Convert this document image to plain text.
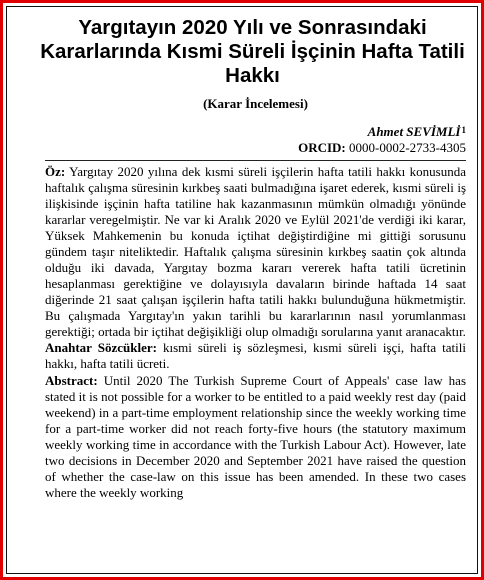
Yargıtayın 2020 Yılı ve Sonrasındaki Kararlarında Kısmi Süreli İşçinin Hafta Tatili Hakkı
(Karar İncelemesi)
Ahmet SEVİMLİ$^1$
ORCID: 0000-0002-2733-4305

Öz: Yargıtay 2020 yılına dek kısmi süreli işçilerin hafta tatili hakkı konusunda haftalık çalışma süresinin kırkbeş saati bulmadığına işaret ederek, kısmi süreli iş ilişkisinde işçinin hafta tatiline hak kazanmasının mümkün olmadığı yönünde kararlar veregelmiştir. Ne var ki Aralık 2020 ve Eylül 2021'de verdiği iki karar, Yüksek Mahkemenin bu konuda içtihat değiştirdiğine mi gittiği sorusunu gündem taşır niteliktedir. Haftalık çalışma süresinin kırkbeş saatin çok altında olduğu iki davada, Yargıtay bozma kararı vererek hafta tatili ücretinin hesaplanması gerektiğine ve dolayısıyla davaların birinde haftada 14 saat diğerinde 21 saat çalışan işçilerin hafta tatili hakkı bulunduğuna hükmetmiştir. Bu çalışmada Yargıtay'ın yakın tarihli bu kararlarının nasıl yorumlanması gerektiği; ortada bir içtihat değişikliği olup olmadığı sorularına yanıt aranacaktır.

Anahtar Sözcükler: kısmi süreli iş sözleşmesi, kısmi süreli işçi, hafta tatili hakkı, hafta tatili ücreti.

Abstract: Until 2020 The Turkish Supreme Court of Appeals' case law has stated it is not possible for a worker to be entitled to a paid weekly rest day (paid weekend) in a part-time employment relationship since the weekly working time for a part-time worker did not reach forty-five hours (the statutory maximum weekly working time in accordance with the Turkish Labour Act). However, late two decisions in December 2020 and September 2021 have raised the question of whether the case-law on this issue has been amended. In these two cases where the weekly working
